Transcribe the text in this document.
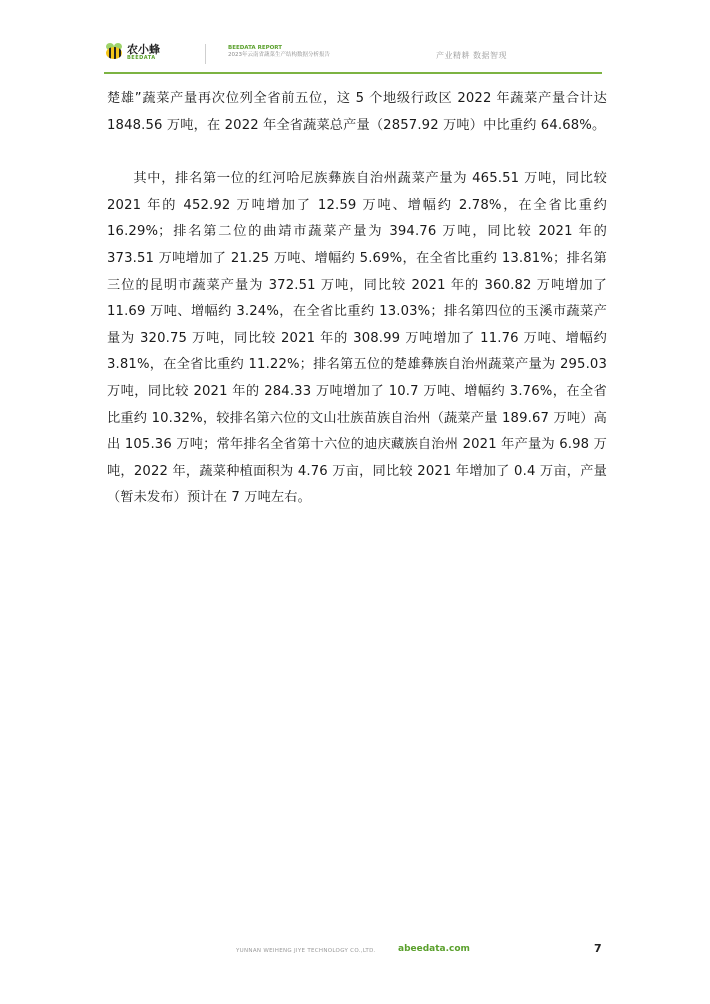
农小蜂
BEEDATA
BEEDATA REPORT
2023年云南省蔬菜生产结构数据分析报告	产业精耕 数据智现

楚雄”蔬菜产量再次位列全省前五位，这 5 个地级行政区 2022 年蔬菜产量合计达 1848.56 万吨，在 2022 年全省蔬菜总产量（2857.92 万吨）中比重约 64.68%。

其中，排名第一位的红河哈尼族彝族自治州蔬菜产量为 465.51 万吨，同比较 2021 年的 452.92 万吨增加了 12.59 万吨、增幅约 2.78%，在全省比重约 16.29%；排名第二位的曲靖市蔬菜产量为 394.76 万吨，同比较 2021 年的 373.51 万吨增加了 21.25 万吨、增幅约 5.69%，在全省比重约 13.81%；排名第三位的昆明市蔬菜产量为 372.51 万吨，同比较 2021 年的 360.82 万吨增加了 11.69 万吨、增幅约 3.24%，在全省比重约 13.03%；排名第四位的玉溪市蔬菜产量为 320.75 万吨，同比较 2021 年的 308.99 万吨增加了 11.76 万吨、增幅约 3.81%，在全省比重约 11.22%；排名第五位的楚雄彝族自治州蔬菜产量为 295.03 万吨，同比较 2021 年的 284.33 万吨增加了 10.7 万吨、增幅约 3.76%，在全省比重约 10.32%，较排名第六位的文山壮族苗族自治州（蔬菜产量 189.67 万吨）高出 105.36 万吨；常年排名全省第十六位的迪庆藏族自治州 2021 年产量为 6.98 万吨，2022 年，蔬菜种植面积为 4.76 万亩，同比较 2021 年增加了 0.4 万亩，产量（暂未发布）预计在 7 万吨左右。

YUNNAN WEIHENG JIYE TECHNOLOGY CO.,LTD. abeedata.com	7
